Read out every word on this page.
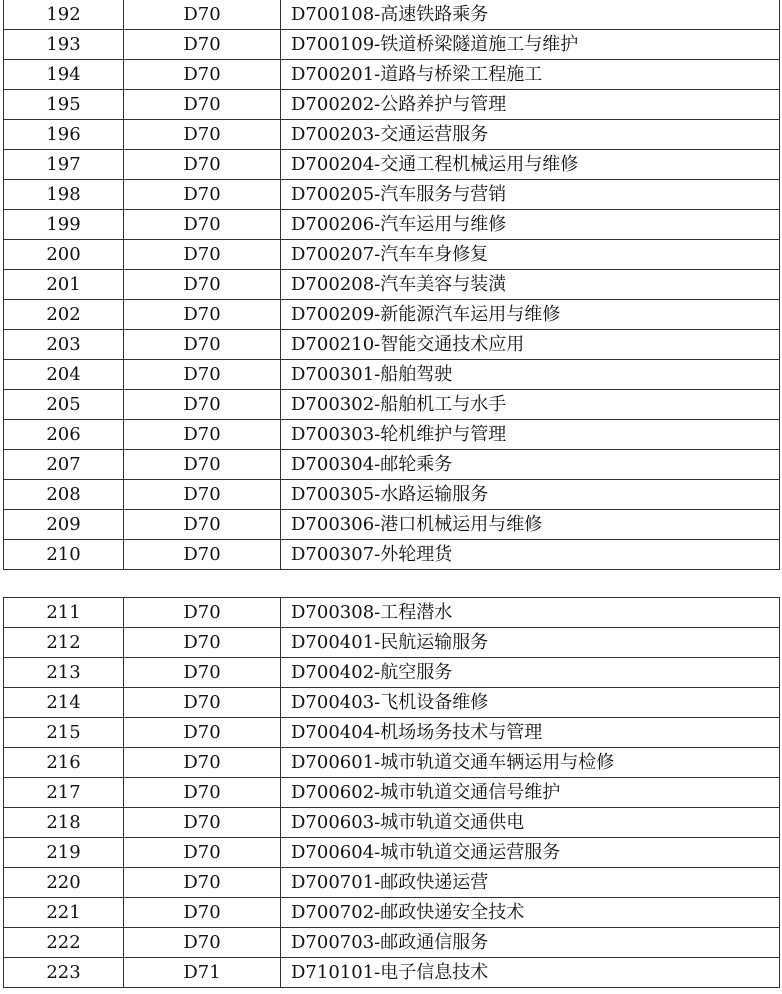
192	D70	D700108-高速铁路乘务
193	D70	D700109-铁道桥梁隧道施工与维护
194	D70	D700201-道路与桥梁工程施工
195	D70	D700202-公路养护与管理
196	D70	D700203-交通运营服务
197	D70	D700204-交通工程机械运用与维修
198	D70	D700205-汽车服务与营销
199	D70	D700206-汽车运用与维修
200	D70	D700207-汽车车身修复
201	D70	D700208-汽车美容与装潢
202	D70	D700209-新能源汽车运用与维修
203	D70	D700210-智能交通技术应用
204	D70	D700301-船舶驾驶
205	D70	D700302-船舶机工与水手
206	D70	D700303-轮机维护与管理
207	D70	D700304-邮轮乘务
208	D70	D700305-水路运输服务
209	D70	D700306-港口机械运用与维修
210	D70	D700307-外轮理货
211	D70	D700308-工程潜水
212	D70	D700401-民航运输服务
213	D70	D700402-航空服务
214	D70	D700403-飞机设备维修
215	D70	D700404-机场场务技术与管理
216	D70	D700601-城市轨道交通车辆运用与检修
217	D70	D700602-城市轨道交通信号维护
218	D70	D700603-城市轨道交通供电
219	D70	D700604-城市轨道交通运营服务
220	D70	D700701-邮政快递运营
221	D70	D700702-邮政快递安全技术
222	D70	D700703-邮政通信服务
223	D71	D710101-电子信息技术
